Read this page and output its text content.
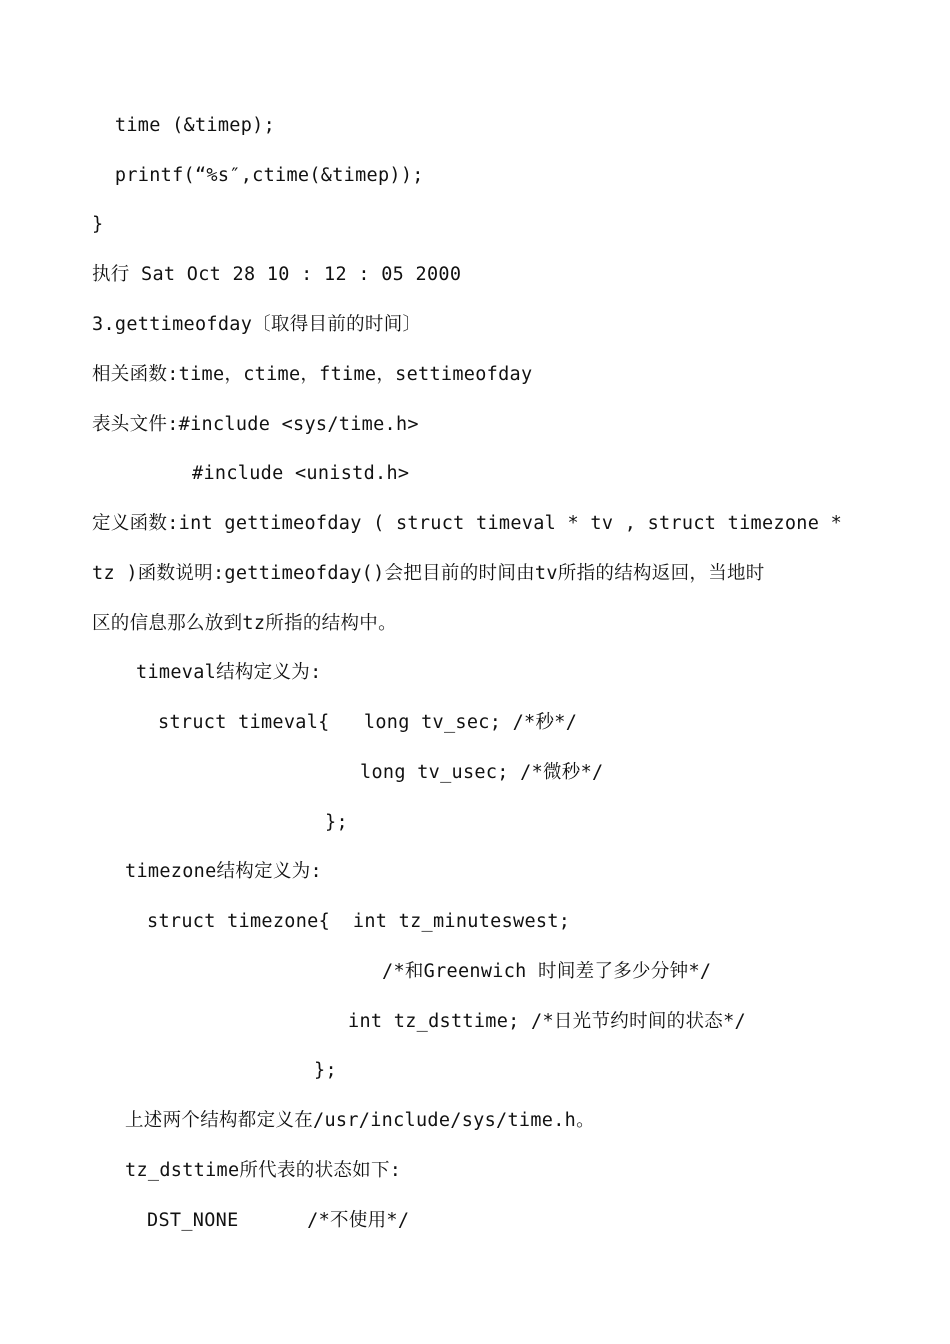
time (&timep);
printf(“%s″,ctime(&timep));
}
执行 Sat Oct 28 10 : 12 : 05 2000
3.gettimeofday〔取得目前的时间〕
相关函数:time，ctime，ftime，settimeofday
表头文件:#include <sys/time.h>
#include <unistd.h>
定义函数:int gettimeofday ( struct timeval * tv , struct timezone *
tz )函数说明:gettimeofday()会把目前的时间由tv所指的结构返回，当地时
区的信息那么放到tz所指的结构中。
timeval结构定义为:
struct timeval{   long tv_sec; /*秒*/
long tv_usec; /*微秒*/
};
timezone结构定义为:
struct timezone{  int tz_minuteswest;
/*和Greenwich 时间差了多少分钟*/
int tz_dsttime; /*日光节约时间的状态*/
};
上述两个结构都定义在/usr/include/sys/time.h。
tz_dsttime所代表的状态如下:
DST_NONE      /*不使用*/
